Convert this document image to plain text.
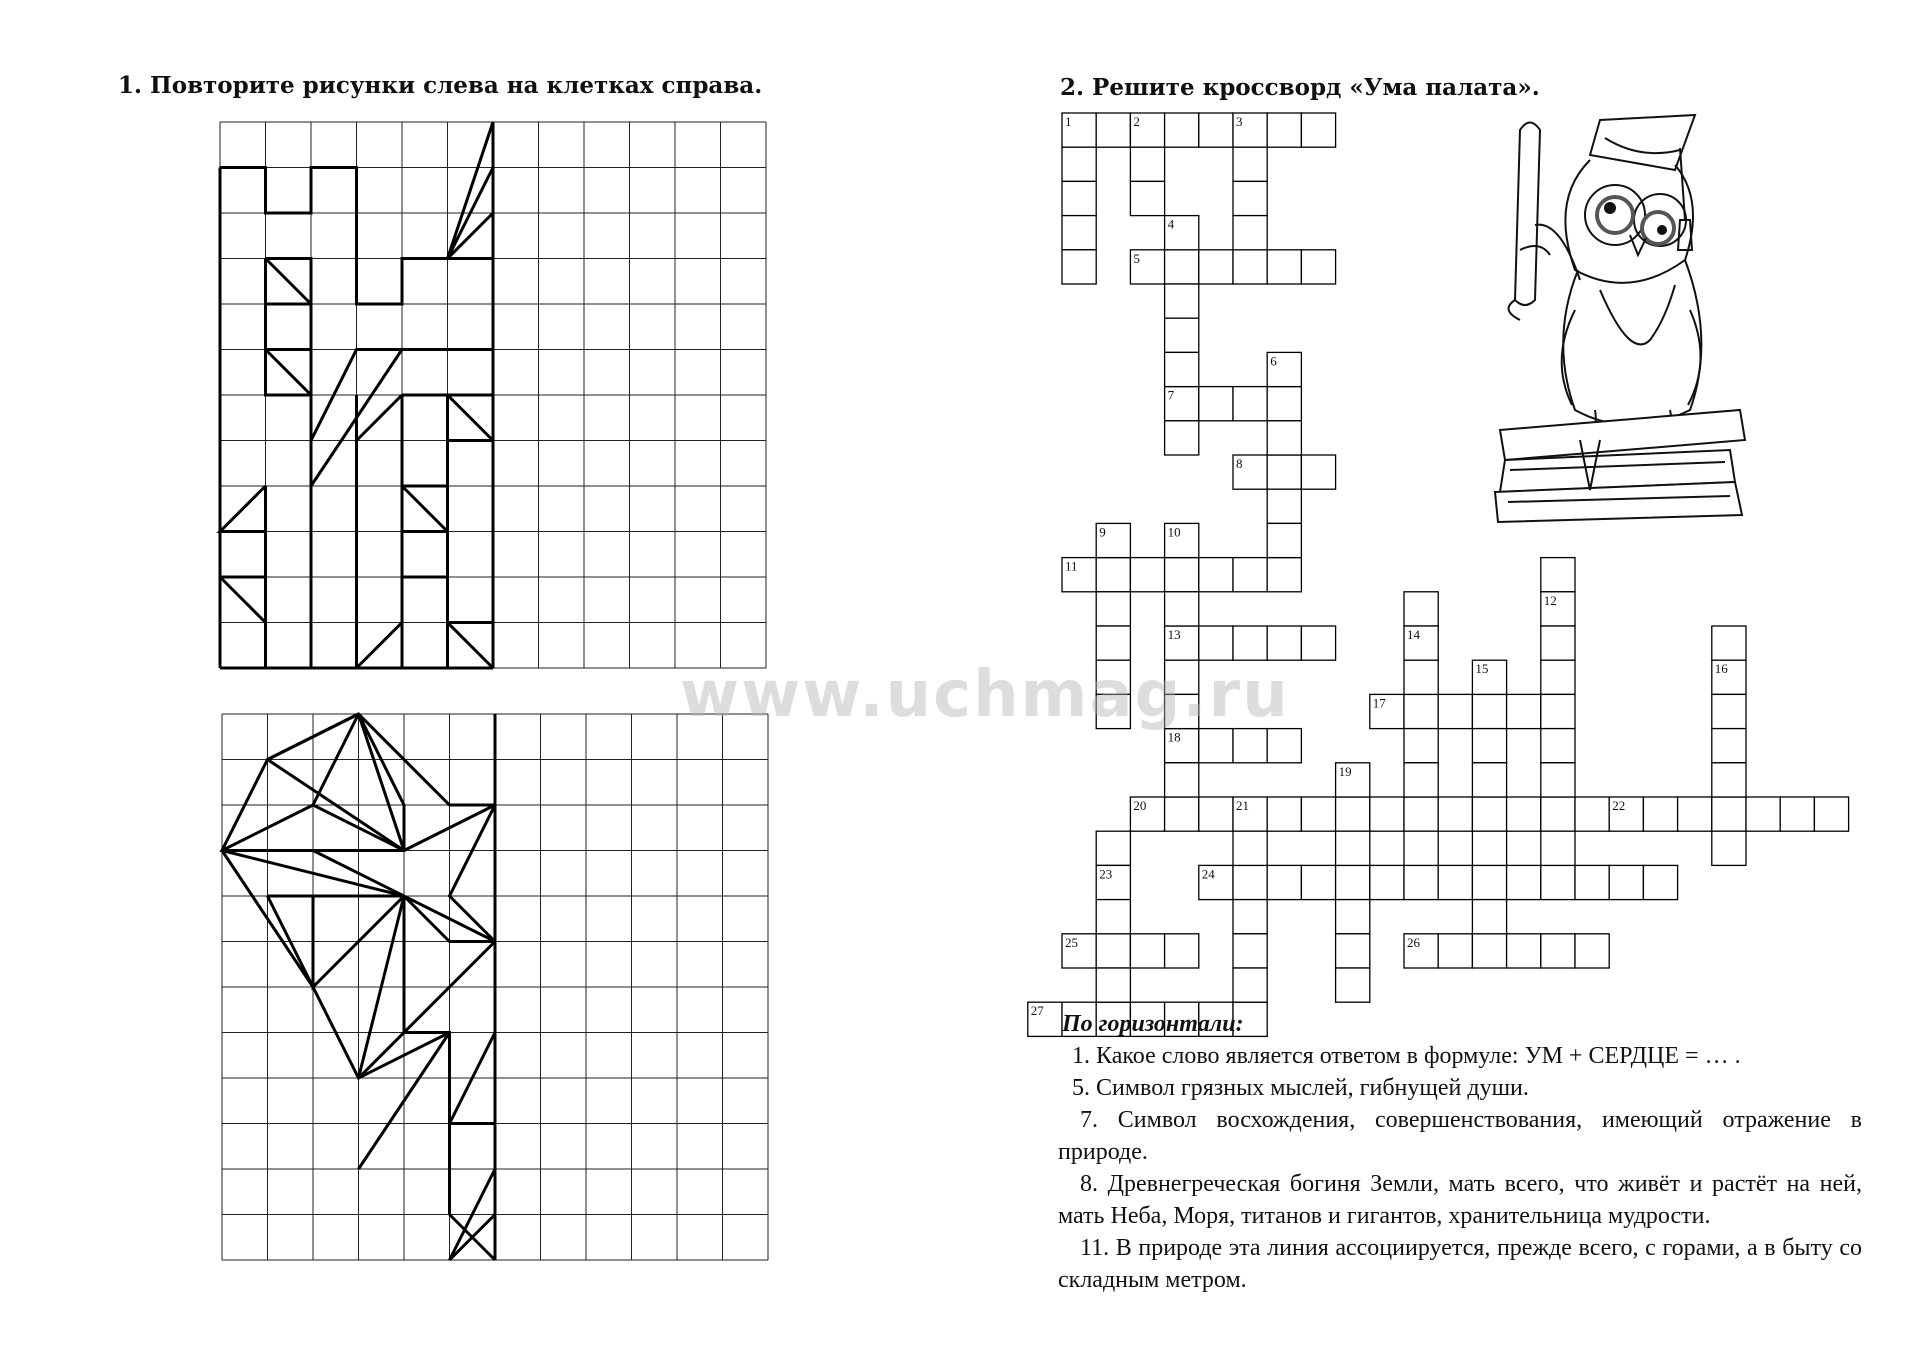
1. Повторите рисунки слева на клетках справа.	2. Решите кроссворд «Ума палата».
1	2	3
4
5
6
7
8
9	10
11
12
13	14
15	16
17
18
19
20	21	22
23	24
25	26
27
www.uchmag.ru
По горизонтали:
1. Какое слово является ответом в формуле: УМ + СЕРДЦЕ = … .
5. Символ грязных мыслей, гибнущей души.
7. Символ восхождения, совершенствования, имеющий отражение в природе.
8. Древнегреческая богиня Земли, мать всего, что живёт и растёт на ней, мать Неба, Моря, титанов и гигантов, хранительница мудрости.
11. В природе эта линия ассоциируется, прежде всего, с горами, а в быту со складным метром.
